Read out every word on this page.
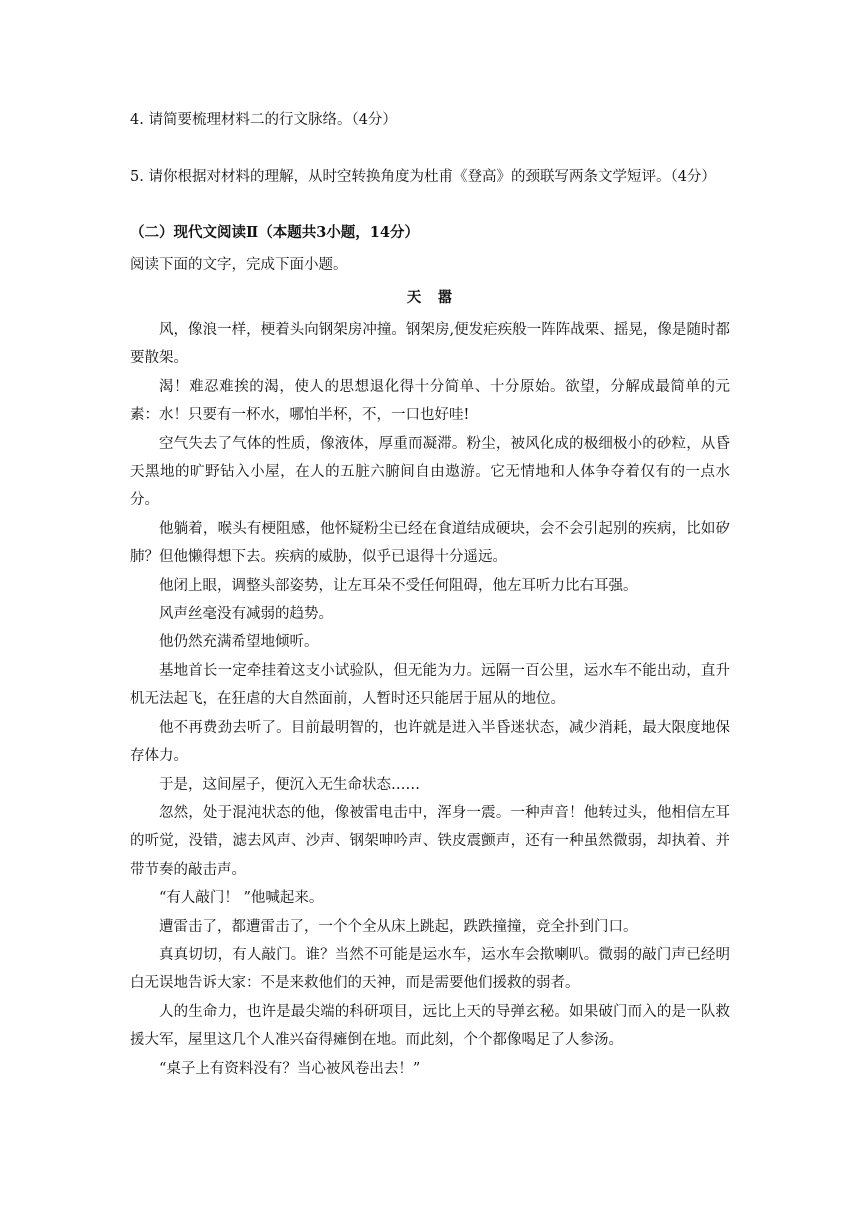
4. 请简要梳理材料二的行文脉络。（4分）
5. 请你根据对材料的理解，从时空转换角度为杜甫《登高》的颈联写两条文学短评。（4分）
（二）现代文阅读Ⅱ（本题共3小题，14分）
阅读下面的文字，完成下面小题。
天　嚣

风，像浪一样，梗着头向钢架房冲撞。钢架房,便发疟疾般一阵阵战栗、摇晃，像是随时都要散架。

渴！难忍难挨的渴，使人的思想退化得十分简单、十分原始。欲望，分解成最简单的元素：水！只要有一杯水，哪怕半杯，不，一口也好哇!

空气失去了气体的性质，像液体，厚重而凝滞。粉尘，被风化成的极细极小的砂粒，从昏天黑地的旷野钻入小屋，在人的五脏六腑间自由遨游。它无情地和人体争夺着仅有的一点水分。

他躺着，喉头有梗阻感，他怀疑粉尘已经在食道结成硬块，会不会引起别的疾病，比如矽肺？但他懒得想下去。疾病的威胁，似乎已退得十分遥远。

他闭上眼，调整头部姿势，让左耳朵不受任何阻碍，他左耳听力比右耳强。

风声丝毫没有减弱的趋势。

他仍然充满希望地倾听。

基地首长一定牵挂着这支小试验队，但无能为力。远隔一百公里，运水车不能出动，直升机无法起飞，在狂虐的大自然面前，人暂时还只能居于屈从的地位。

他不再费劲去听了。目前最明智的，也许就是进入半昏迷状态，减少消耗，最大限度地保存体力。

于是，这间屋子，便沉入无生命状态……

忽然，处于混沌状态的他，像被雷电击中，浑身一震。一种声音！他转过头，他相信左耳的听觉，没错，滤去风声、沙声、钢架呻吟声、铁皮震颤声，还有一种虽然微弱，却执着、并带节奏的敲击声。

“有人敲门！ ”他喊起来。

遭雷击了，都遭雷击了，一个个全从床上跳起，跌跌撞撞，竞全扑到门口。

真真切切，有人敲门。谁？当然不可能是运水车，运水车会揿喇叭。微弱的敲门声已经明白无误地告诉大家：不是来救他们的天神，而是需要他们援救的弱者。

人的生命力，也许是最尖端的科研项目，远比上天的导弹玄秘。如果破门而入的是一队救援大军，屋里这几个人准兴奋得瘫倒在地。而此刻，个个都像喝足了人参汤。

“桌子上有资料没有？当心被风卷出去！”
